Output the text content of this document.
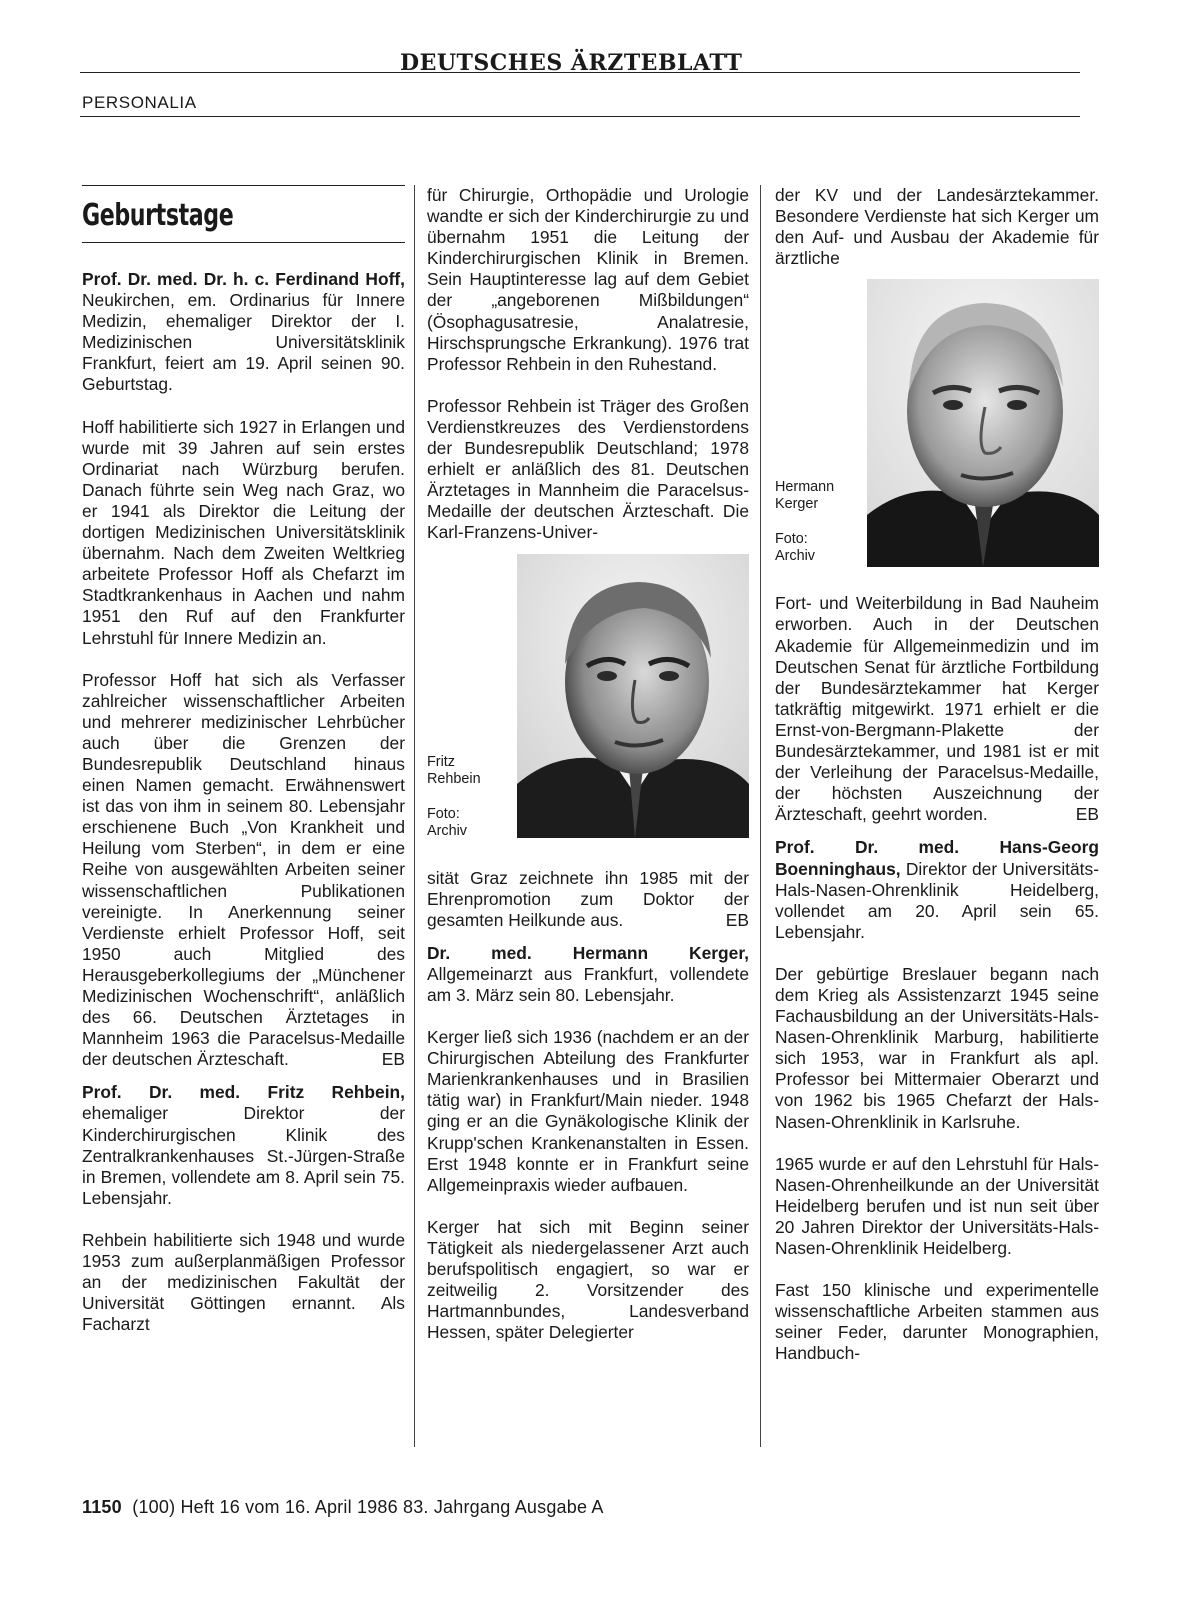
DEUTSCHES ÄRZTEBLATT
PERSONALIA
Geburtstage

Prof. Dr. med. Dr. h. c. Ferdinand Hoff, Neukirchen, em. Ordinarius für Innere Medizin, ehemaliger Direktor der I. Medizinischen Universitätsklinik Frankfurt, feiert am 19. April seinen 90. Geburtstag.

Hoff habilitierte sich 1927 in Erlangen und wurde mit 39 Jahren auf sein erstes Ordinariat nach Würzburg berufen. Danach führte sein Weg nach Graz, wo er 1941 als Direktor die Leitung der dortigen Medizinischen Universitätsklinik übernahm. Nach dem Zweiten Weltkrieg arbeitete Professor Hoff als Chefarzt im Stadtkrankenhaus in Aachen und nahm 1951 den Ruf auf den Frankfurter Lehrstuhl für Innere Medizin an.

Professor Hoff hat sich als Verfasser zahlreicher wissenschaftlicher Arbeiten und mehrerer medizinischer Lehrbücher auch über die Grenzen der Bundesrepublik Deutschland hinaus einen Namen gemacht. Erwähnenswert ist das von ihm in seinem 80. Lebensjahr erschienene Buch „Von Krankheit und Heilung vom Sterben“, in dem er eine Reihe von ausgewählten Arbeiten seiner wissenschaftlichen Publikationen vereinigte. In Anerkennung seiner Verdienste erhielt Professor Hoff, seit 1950 auch Mitglied des Herausgeberkollegiums der „Münchener Medizinischen Wochenschrift“, anläßlich des 66. Deutschen Ärztetages in Mannheim 1963 die Paracelsus-Medaille der deutschen Ärzteschaft.	EB

Prof. Dr. med. Fritz Rehbein, ehemaliger Direktor der Kinderchirurgischen Klinik des Zentralkrankenhauses St.-Jürgen-Straße in Bremen, vollendete am 8. April sein 75. Lebensjahr.

Rehbein habilitierte sich 1948 und wurde 1953 zum außerplanmäßigen Professor an der medizinischen Fakultät der Universität Göttingen ernannt. Als Facharzt

für Chirurgie, Orthopädie und Urologie wandte er sich der Kinderchirurgie zu und übernahm 1951 die Leitung der Kinderchirurgischen Klinik in Bremen. Sein Hauptinteresse lag auf dem Gebiet der „angeborenen Mißbildungen“ (Ösophagusatresie, Analatresie, Hirschsprungsche Erkrankung). 1976 trat Professor Rehbein in den Ruhestand.

Professor Rehbein ist Träger des Großen Verdienstkreuzes des Verdienstordens der Bundesrepublik Deutschland; 1978 erhielt er anläßlich des 81. Deutschen Ärztetages in Mannheim die Paracelsus-Medaille der deutschen Ärzteschaft. Die Karl-Franzens-Univer-

Fritz
Rehbein
Foto:
Archiv

sität Graz zeichnete ihn 1985 mit der Ehrenpromotion zum Doktor der gesamten Heilkunde aus.	EB

Dr. med. Hermann Kerger, Allgemeinarzt aus Frankfurt, vollendete am 3. März sein 80. Lebensjahr.

Kerger ließ sich 1936 (nachdem er an der Chirurgischen Abteilung des Frankfurter Marienkrankenhauses und in Brasilien tätig war) in Frankfurt/Main nieder. 1948 ging er an die Gynäkologische Klinik der Krupp'schen Krankenanstalten in Essen. Erst 1948 konnte er in Frankfurt seine Allgemeinpraxis wieder aufbauen.

Kerger hat sich mit Beginn seiner Tätigkeit als niedergelassener Arzt auch berufspolitisch engagiert, so war er zeitweilig 2. Vorsitzender des Hartmannbundes, Landesverband Hessen, später Delegierter

der KV und der Landesärztekammer. Besondere Verdienste hat sich Kerger um den Auf- und Ausbau der Akademie für ärztliche

Hermann
Kerger
Foto:
Archiv

Fort- und Weiterbildung in Bad Nauheim erworben. Auch in der Deutschen Akademie für Allgemeinmedizin und im Deutschen Senat für ärztliche Fortbildung der Bundesärztekammer hat Kerger tatkräftig mitgewirkt. 1971 erhielt er die Ernst-von-Bergmann-Plakette der Bundesärztekammer, und 1981 ist er mit der Verleihung der Paracelsus-Medaille, der höchsten Auszeichnung der Ärzteschaft, geehrt worden.	EB

Prof. Dr. med. Hans-Georg Boenninghaus, Direktor der Universitäts-Hals-Nasen-Ohrenklinik Heidelberg, vollendet am 20. April sein 65. Lebensjahr.

Der gebürtige Breslauer begann nach dem Krieg als Assistenzarzt 1945 seine Fachausbildung an der Universitäts-Hals-Nasen-Ohrenklinik Marburg, habilitierte sich 1953, war in Frankfurt als apl. Professor bei Mittermaier Oberarzt und von 1962 bis 1965 Chefarzt der Hals-Nasen-Ohrenklinik in Karlsruhe.

1965 wurde er auf den Lehrstuhl für Hals-Nasen-Ohrenheilkunde an der Universität Heidelberg berufen und ist nun seit über 20 Jahren Direktor der Universitäts-Hals-Nasen-Ohrenklinik Heidelberg.

Fast 150 klinische und experimentelle wissenschaftliche Arbeiten stammen aus seiner Feder, darunter Monographien, Handbuch-

1150 (100) Heft 16 vom 16. April 1986 83. Jahrgang Ausgabe A
